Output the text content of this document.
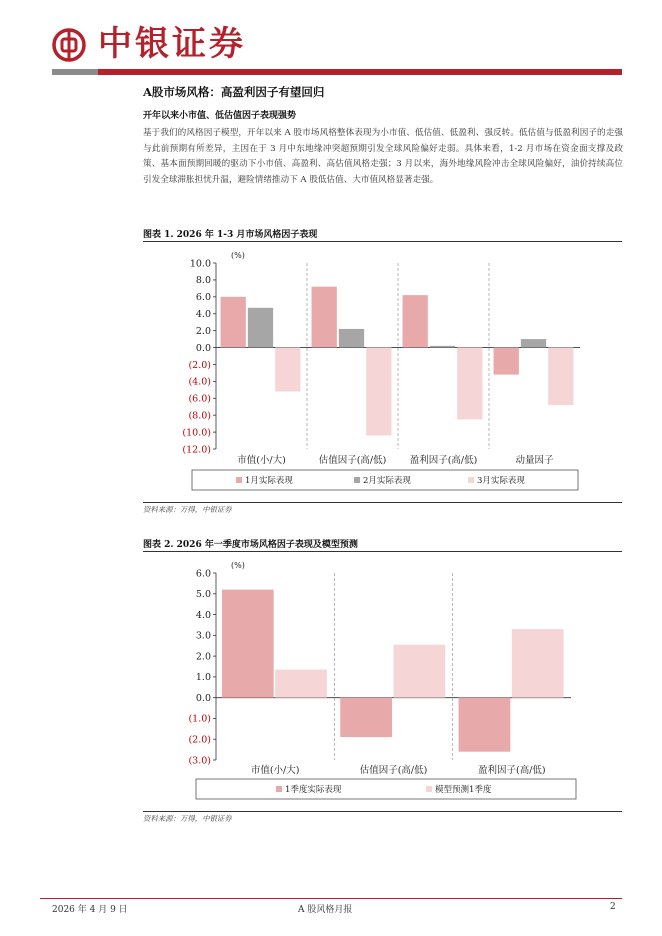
中银证券
A股市场风格：高盈利因子有望回归
开年以来小市值、低估值因子表现强势
基于我们的风格因子模型，开年以来 A 股市场风格整体表现为小市值、低估值、低盈利、强反转。低估值与低盈利因子的走强与此前预期有所差异，主因在于 3 月中东地缘冲突超预期引发全球风险偏好走弱。具体来看，1-2 月市场在资金面支撑及政策、基本面预期回暖的驱动下小市值、高盈利、高估值风格走强；3 月以来，海外地缘风险冲击全球风险偏好，油价持续高位引发全球滞胀担忧升温，避险情绪推动下 A 股低估值、大市值风格显著走强。
图表 1. 2026 年 1-3 月市场风格因子表现
10.0
8.0
6.0
4.0
2.0
0.0
(2.0)
(4.0)
(6.0)
(8.0)
(10.0)
(12.0)
(%)
市值(小/大)	估值因子(高/低) 盈利因子(高/低)	动量因子
1月实际表现	2月实际表现	3月实际表现
资料来源：万得，中银证券
图表 2. 2026 年一季度市场风格因子表现及模型预测
6.0
5.0
4.0
3.0
2.0
1.0
0.0
(1.0)
(2.0)
(3.0)
(%)
市值(小/大)	估值因子(高/低)	盈利因子(高/低)
1季度实际表现	模型预测1季度
资料来源：万得，中银证券
2026 年 4 月 9 日	A 股风格月报	2
